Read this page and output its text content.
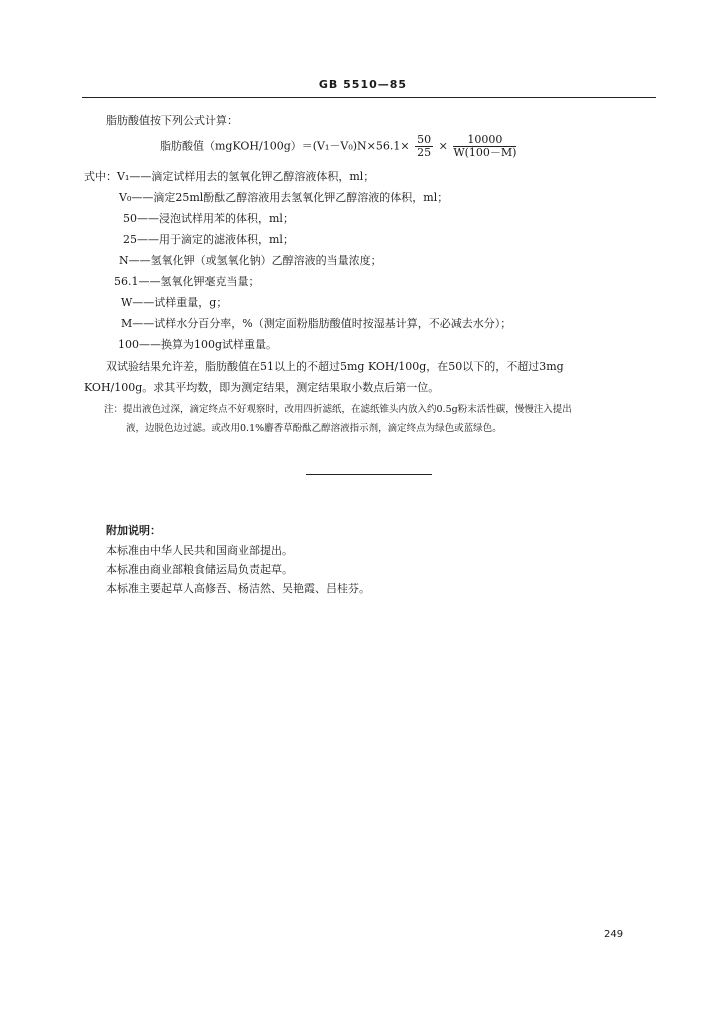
GB 5510—85
脂肪酸值按下列公式计算：
脂肪酸值（mgKOH/100g）＝(V₁－V₀)N×56.1× $\frac{50}{25} \times \frac{10000}{W(100-M)}$
式中：V₁——滴定试样用去的氢氧化钾乙醇溶液体积，ml；
V₀——滴定25ml酚酞乙醇溶液用去氢氧化钾乙醇溶液的体积，ml；
50——浸泡试样用苯的体积，ml；
25——用于滴定的滤液体积，ml；
N——氢氧化钾（或氢氧化钠）乙醇溶液的当量浓度；
56.1——氢氧化钾毫克当量；
W——试样重量，g；
M——试样水分百分率，%（测定面粉脂肪酸值时按湿基计算，不必减去水分）；
100——换算为100g试样重量。
双试验结果允许差，脂肪酸值在51以上的不超过5mg KOH/100g，在50以下的，不超过3mg
KOH/100g。求其平均数，即为测定结果，测定结果取小数点后第一位。
注：提出液色过深，滴定终点不好观察时，改用四折滤纸，在滤纸锥头内放入约0.5g粉末活性碳，慢慢注入提出
液，边脱色边过滤。或改用0.1%麝香草酚酞乙醇溶液指示剂，滴定终点为绿色或蓝绿色。
附加说明：
本标准由中华人民共和国商业部提出。
本标准由商业部粮食储运局负责起草。
本标准主要起草人高修吾、杨洁然、吴艳霞、吕桂芬。
249
